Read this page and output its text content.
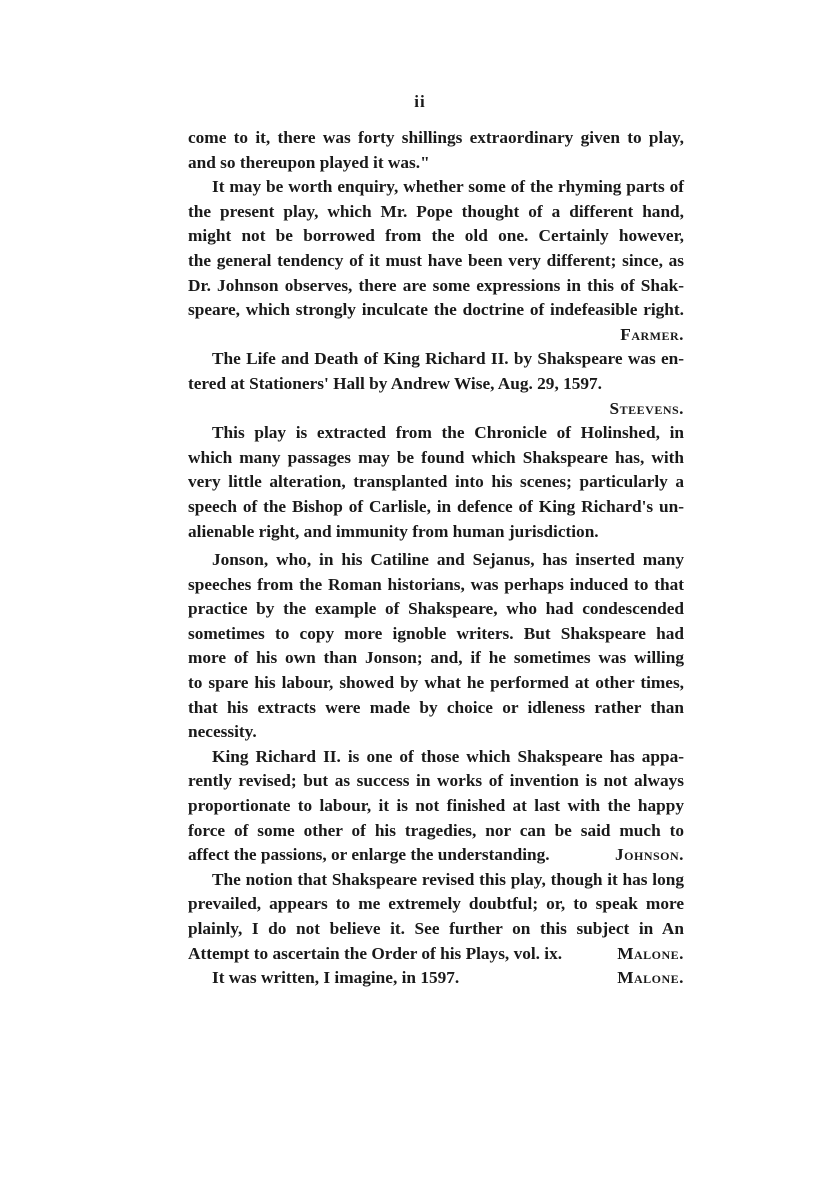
ii
come to it, there was forty shillings extraordinary given to play,
and so thereupon played it was."
It may be worth enquiry, whether some of the rhyming parts of
the present play, which Mr. Pope thought of a different hand,
might not be borrowed from the old one. Certainly however,
the general tendency of it must have been very different; since, as
Dr. Johnson observes, there are some expressions in this of Shak-
speare, which strongly inculcate the doctrine of indefeasible right.
Farmer.
The Life and Death of King Richard II. by Shakspeare was en-
tered at Stationers' Hall by Andrew Wise, Aug. 29, 1597.
Steevens.
This play is extracted from the Chronicle of Holinshed, in
which many passages may be found which Shakspeare has, with
very little alteration, transplanted into his scenes; particularly a
speech of the Bishop of Carlisle, in defence of King Richard's un-
alienable right, and immunity from human jurisdiction.
Jonson, who, in his Catiline and Sejanus, has inserted many
speeches from the Roman historians, was perhaps induced to that
practice by the example of Shakspeare, who had condescended
sometimes to copy more ignoble writers. But Shakspeare had
more of his own than Jonson; and, if he sometimes was willing
to spare his labour, showed by what he performed at other times,
that his extracts were made by choice or idleness rather than
necessity.
King Richard II. is one of those which Shakspeare has appa-
rently revised; but as success in works of invention is not always
proportionate to labour, it is not finished at last with the happy
force of some other of his tragedies, nor can be said much to
affect the passions, or enlarge the understanding.	Johnson.
The notion that Shakspeare revised this play, though it has long
prevailed, appears to me extremely doubtful; or, to speak more
plainly, I do not believe it. See further on this subject in An
Attempt to ascertain the Order of his Plays, vol. ix.	Malone.
It was written, I imagine, in 1597.	Malone.
